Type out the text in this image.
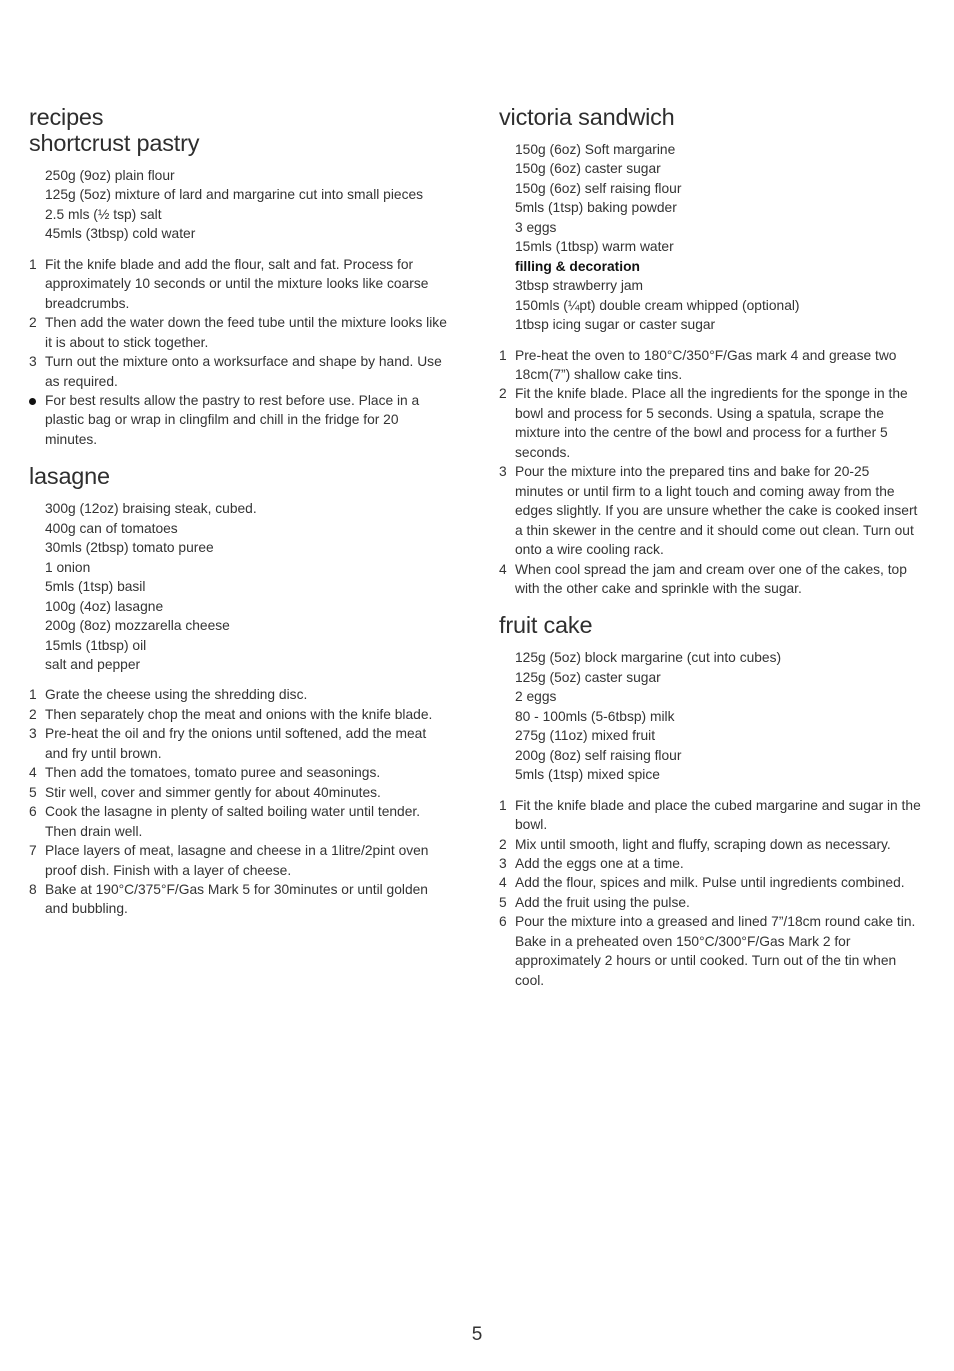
recipes
shortcrust pastry
250g (9oz) plain flour
125g (5oz) mixture of lard and margarine cut into small pieces
2.5 mls (½ tsp) salt
45mls (3tbsp) cold water
1 Fit the knife blade and add the flour, salt and fat. Process for approximately 10 seconds or until the mixture looks like coarse breadcrumbs.
2 Then add the water down the feed tube until the mixture looks like it is about to stick together.
3 Turn out the mixture onto a worksurface and shape by hand. Use as required.
For best results allow the pastry to rest before use. Place in a plastic bag or wrap in clingfilm and chill in the fridge for 20 minutes.
lasagne
300g (12oz) braising steak, cubed.
400g can of tomatoes
30mls (2tbsp) tomato puree
1 onion
5mls (1tsp) basil
100g (4oz) lasagne
200g (8oz) mozzarella cheese
15mls (1tbsp) oil
salt and pepper
1 Grate the cheese using the shredding disc.
2 Then separately chop the meat and onions with the knife blade.
3 Pre-heat the oil and fry the onions until softened, add the meat and fry until brown.
4 Then add the tomatoes, tomato puree and seasonings.
5 Stir well, cover and simmer gently for about 40minutes.
6 Cook the lasagne in plenty of salted boiling water until tender. Then drain well.
7 Place layers of meat, lasagne and cheese in a 1litre/2pint oven proof dish. Finish with a layer of cheese.
8 Bake at 190°C/375°F/Gas Mark 5 for 30minutes or until golden and bubbling.
victoria sandwich
150g (6oz) Soft margarine
150g (6oz) caster sugar
150g (6oz) self raising flour
5mls (1tsp) baking powder
3 eggs
15mls (1tbsp) warm water
filling & decoration
3tbsp strawberry jam
150mls (¼pt) double cream whipped (optional)
1tbsp icing sugar or caster sugar
1 Pre-heat the oven to 180°C/350°F/Gas mark 4 and grease two 18cm(7”) shallow cake tins.
2 Fit the knife blade. Place all the ingredients for the sponge in the bowl and process for 5 seconds. Using a spatula, scrape the mixture into the centre of the bowl and process for a further 5 seconds.
3 Pour the mixture into the prepared tins and bake for 20-25 minutes or until firm to a light touch and coming away from the edges slightly. If you are unsure whether the cake is cooked insert a thin skewer in the centre and it should come out clean. Turn out onto a wire cooling rack.
4 When cool spread the jam and cream over one of the cakes, top with the other cake and sprinkle with the sugar.
fruit cake
125g (5oz) block margarine (cut into cubes)
125g (5oz) caster sugar
2 eggs
80 - 100mls (5-6tbsp) milk
275g (11oz) mixed fruit
200g (8oz) self raising flour
5mls (1tsp) mixed spice
1 Fit the knife blade and place the cubed margarine and sugar in the bowl.
2 Mix until smooth, light and fluffy, scraping down as necessary.
3 Add the eggs one at a time.
4 Add the flour, spices and milk. Pulse until ingredients combined.
5 Add the fruit using the pulse.
6 Pour the mixture into a greased and lined 7”/18cm round cake tin. Bake in a preheated oven 150°C/300°F/Gas Mark 2 for approximately 2 hours or until cooked. Turn out of the tin when cool.
5
